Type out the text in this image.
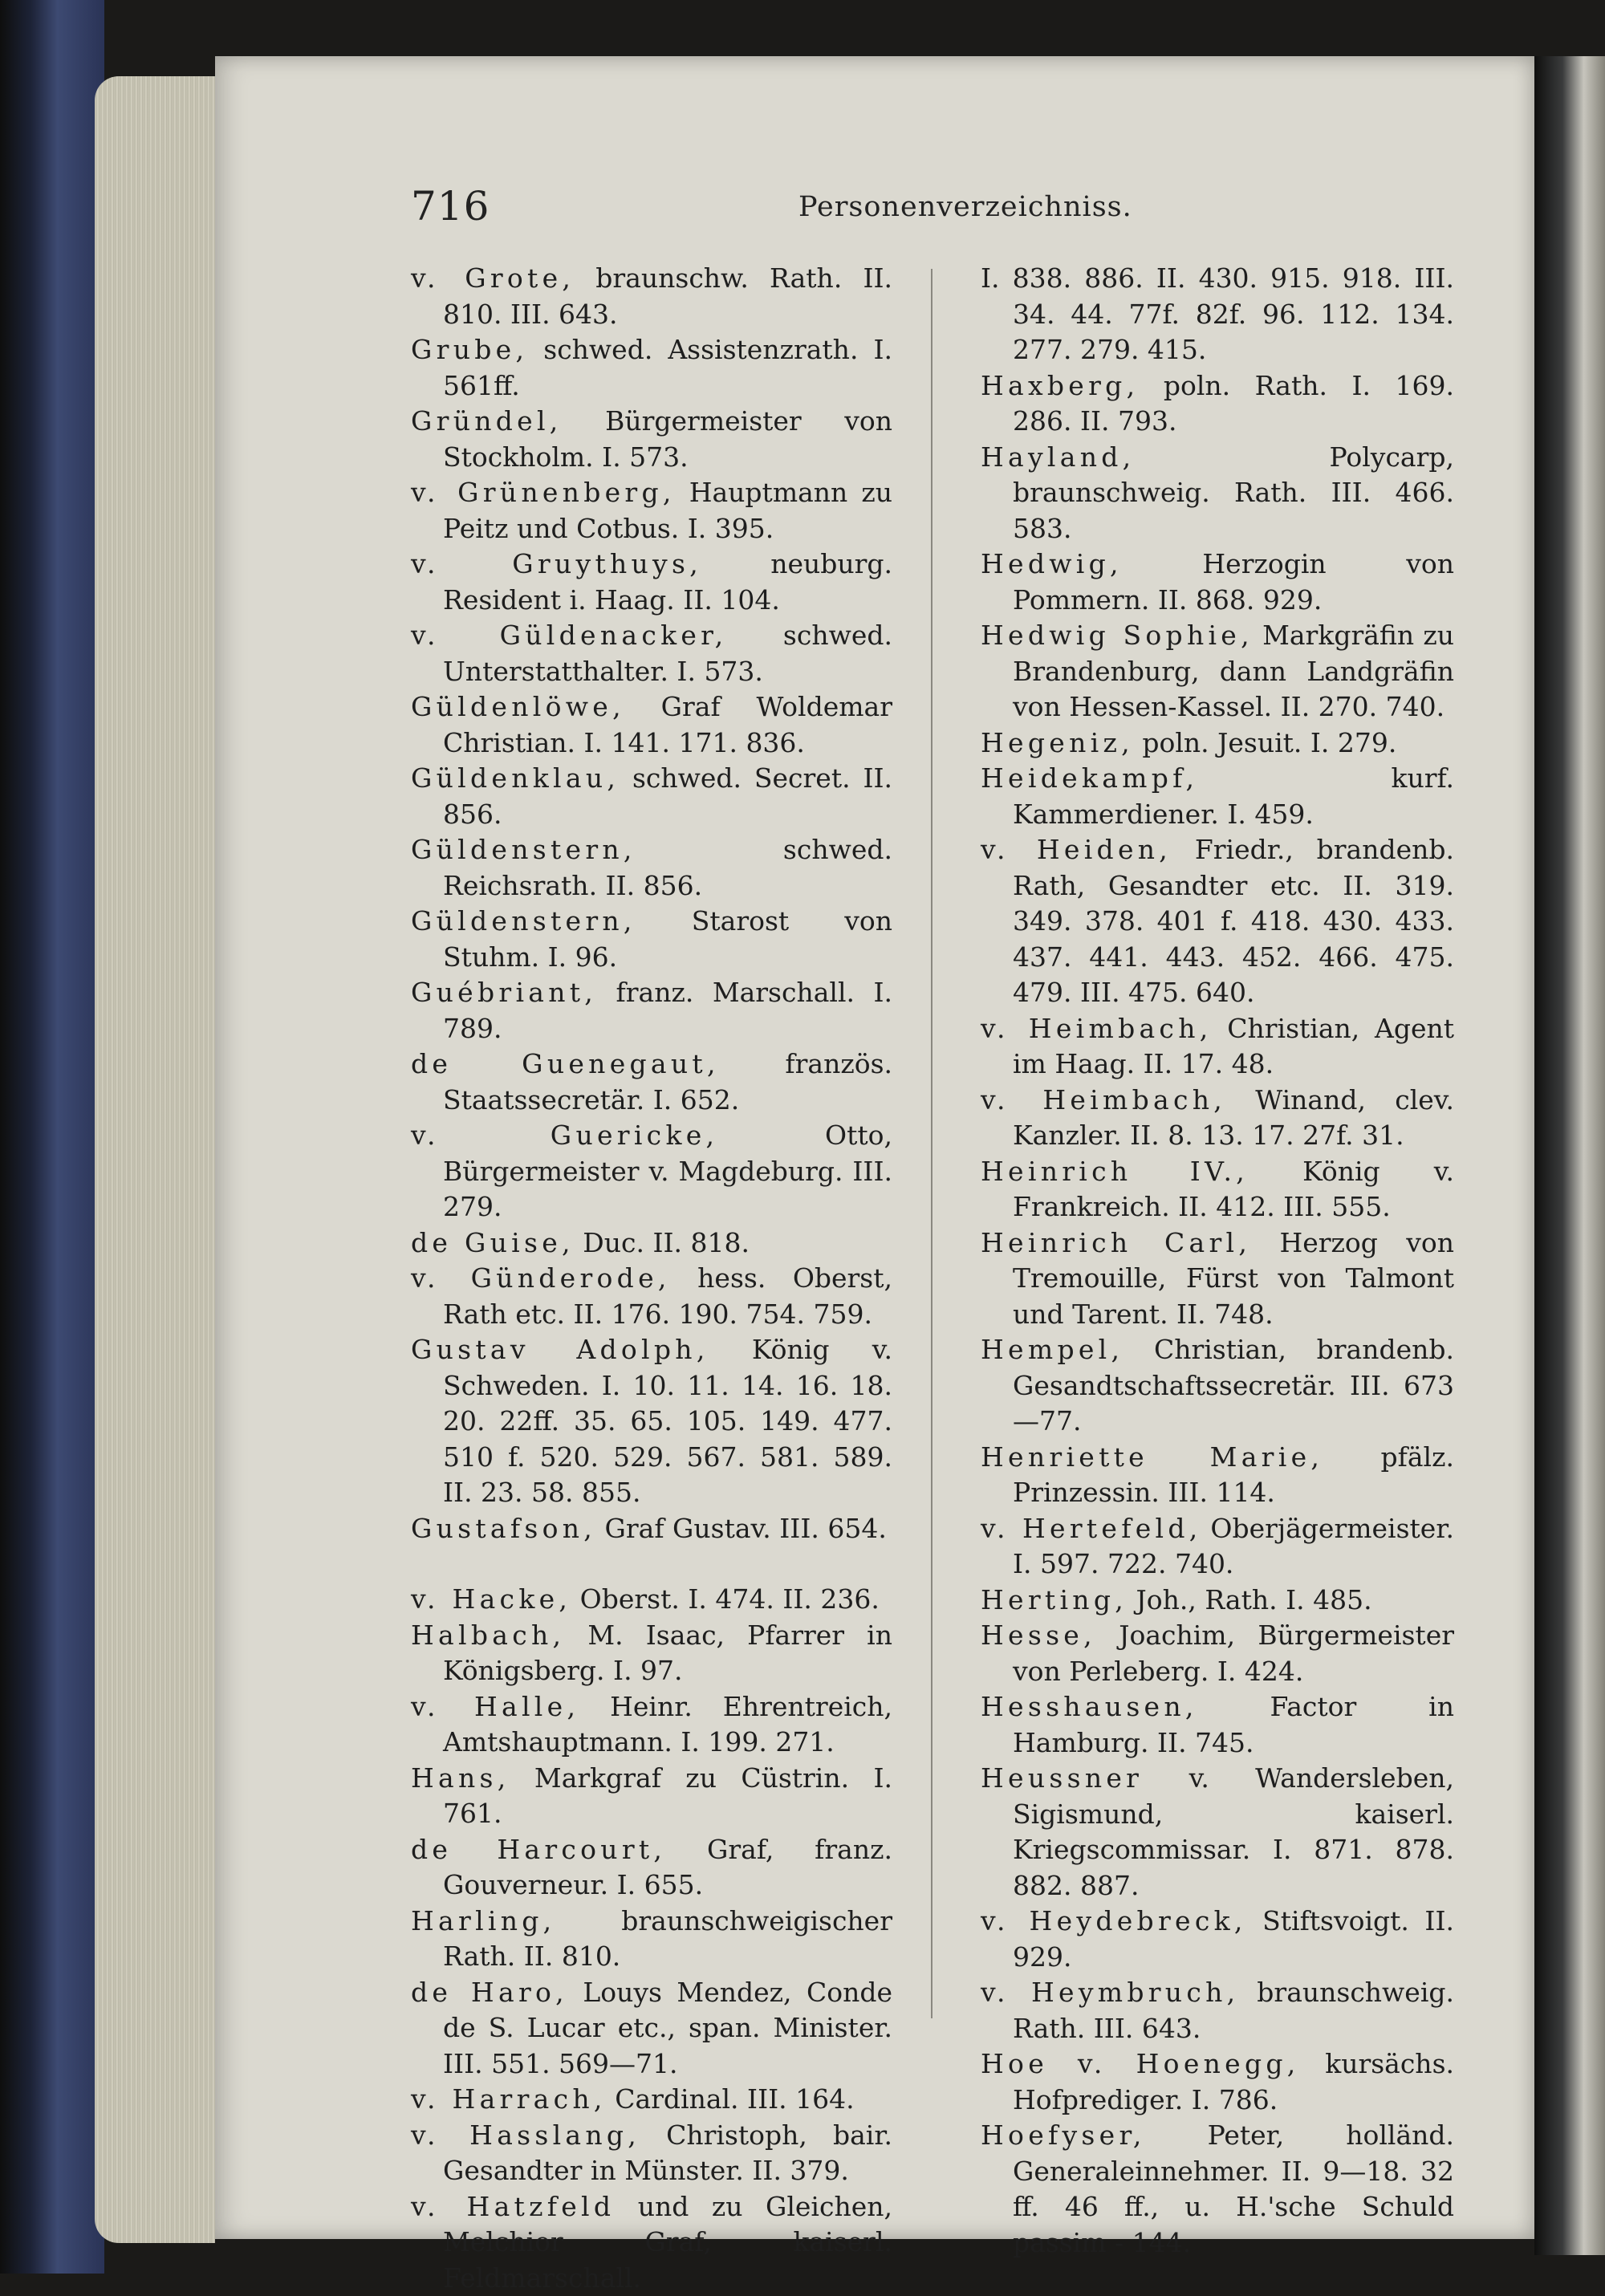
716	Personenverzeichniss.
v. Grote, braunschw. Rath. II. 810. III. 643.
Grube, schwed. Assistenzrath. I. 561ff.
Gründel, Bürgermeister von Stockholm. I. 573.
v. Grünenberg, Hauptmann zu Peitz und Cotbus. I. 395.
v. Gruythuys, neuburg. Resident i. Haag. II. 104.
v. Güldenacker, schwed. Unterstatthalter. I. 573.
Güldenlöwe, Graf Woldemar Christian. I. 141. 171. 836.
Güldenklau, schwed. Secret. II. 856.
Güldenstern, schwed. Reichsrath. II. 856.
Güldenstern, Starost von Stuhm. I. 96.
Guébriant, franz. Marschall. I. 789.
de Guenegaut, französ. Staatssecretär. I. 652.
v. Guericke, Otto, Bürgermeister v. Magdeburg. III. 279.
de Guise, Duc. II. 818.
v. Günderode, hess. Oberst, Rath etc. II. 176. 190. 754. 759.
Gustav Adolph, König v. Schweden. I. 10. 11. 14. 16. 18. 20. 22ff. 35. 65. 105. 149. 477. 510 f. 520. 529. 567. 581. 589. II. 23. 58. 855.
Gustafson, Graf Gustav. III. 654.
v. Hacke, Oberst. I. 474. II. 236.
Halbach, M. Isaac, Pfarrer in Königsberg. I. 97.
v. Halle, Heinr. Ehrentreich, Amtshauptmann. I. 199. 271.
Hans, Markgraf zu Cüstrin. I. 761.
de Harcourt, Graf, franz. Gouverneur. I. 655.
Harling, braunschweigischer Rath. II. 810.
de Haro, Louys Mendez, Conde de S. Lucar etc., span. Minister. III. 551. 569—71.
v. Harrach, Cardinal. III. 164.
v. Hasslang, Christoph, bair. Gesandter in Münster. II. 379.
v. Hatzfeld und zu Gleichen, Melchior Graf, kaiserl. Feldmarschall.
I. 838. 886. II. 430. 915. 918. III. 34. 44. 77f. 82f. 96. 112. 134. 277. 279. 415.
Haxberg, poln. Rath. I. 169. 286. II. 793.
Hayland, Polycarp, braunschweig. Rath. III. 466. 583.
Hedwig, Herzogin von Pommern. II. 868. 929.
Hedwig Sophie, Markgräfin zu Brandenburg, dann Landgräfin von Hessen-Kassel. II. 270. 740.
Hegeniz, poln. Jesuit. I. 279.
Heidekampf, kurf. Kammerdiener. I. 459.
v. Heiden, Friedr., brandenb. Rath, Gesandter etc. II. 319. 349. 378. 401 f. 418. 430. 433. 437. 441. 443. 452. 466. 475. 479. III. 475. 640.
v. Heimbach, Christian, Agent im Haag. II. 17. 48.
v. Heimbach, Winand, clev. Kanzler. II. 8. 13. 17. 27f. 31.
Heinrich IV., König v. Frankreich. II. 412. III. 555.
Heinrich Carl, Herzog von Tremouille, Fürst von Talmont und Tarent. II. 748.
Hempel, Christian, brandenb. Gesandtschaftssecretär. III. 673—77.
Henriette Marie, pfälz. Prinzessin. III. 114.
v. Hertefeld, Oberjägermeister. I. 597. 722. 740.
Herting, Joh., Rath. I. 485.
Hesse, Joachim, Bürgermeister von Perleberg. I. 424.
Hesshausen, Factor in Hamburg. II. 745.
Heussner v. Wandersleben, Sigismund, kaiserl. Kriegscommissar. I. 871. 878. 882. 887.
v. Heydebreck, Stiftsvoigt. II. 929.
v. Heymbruch, braunschweig. Rath. III. 643.
Hoe v. Hoenegg, kursächs. Hofprediger. I. 786.
Hoefyser, Peter, holländ. Generaleinnehmer. II. 9—18. 32 ff. 46 ff., u. H.'sche Schuld passim - 144.
